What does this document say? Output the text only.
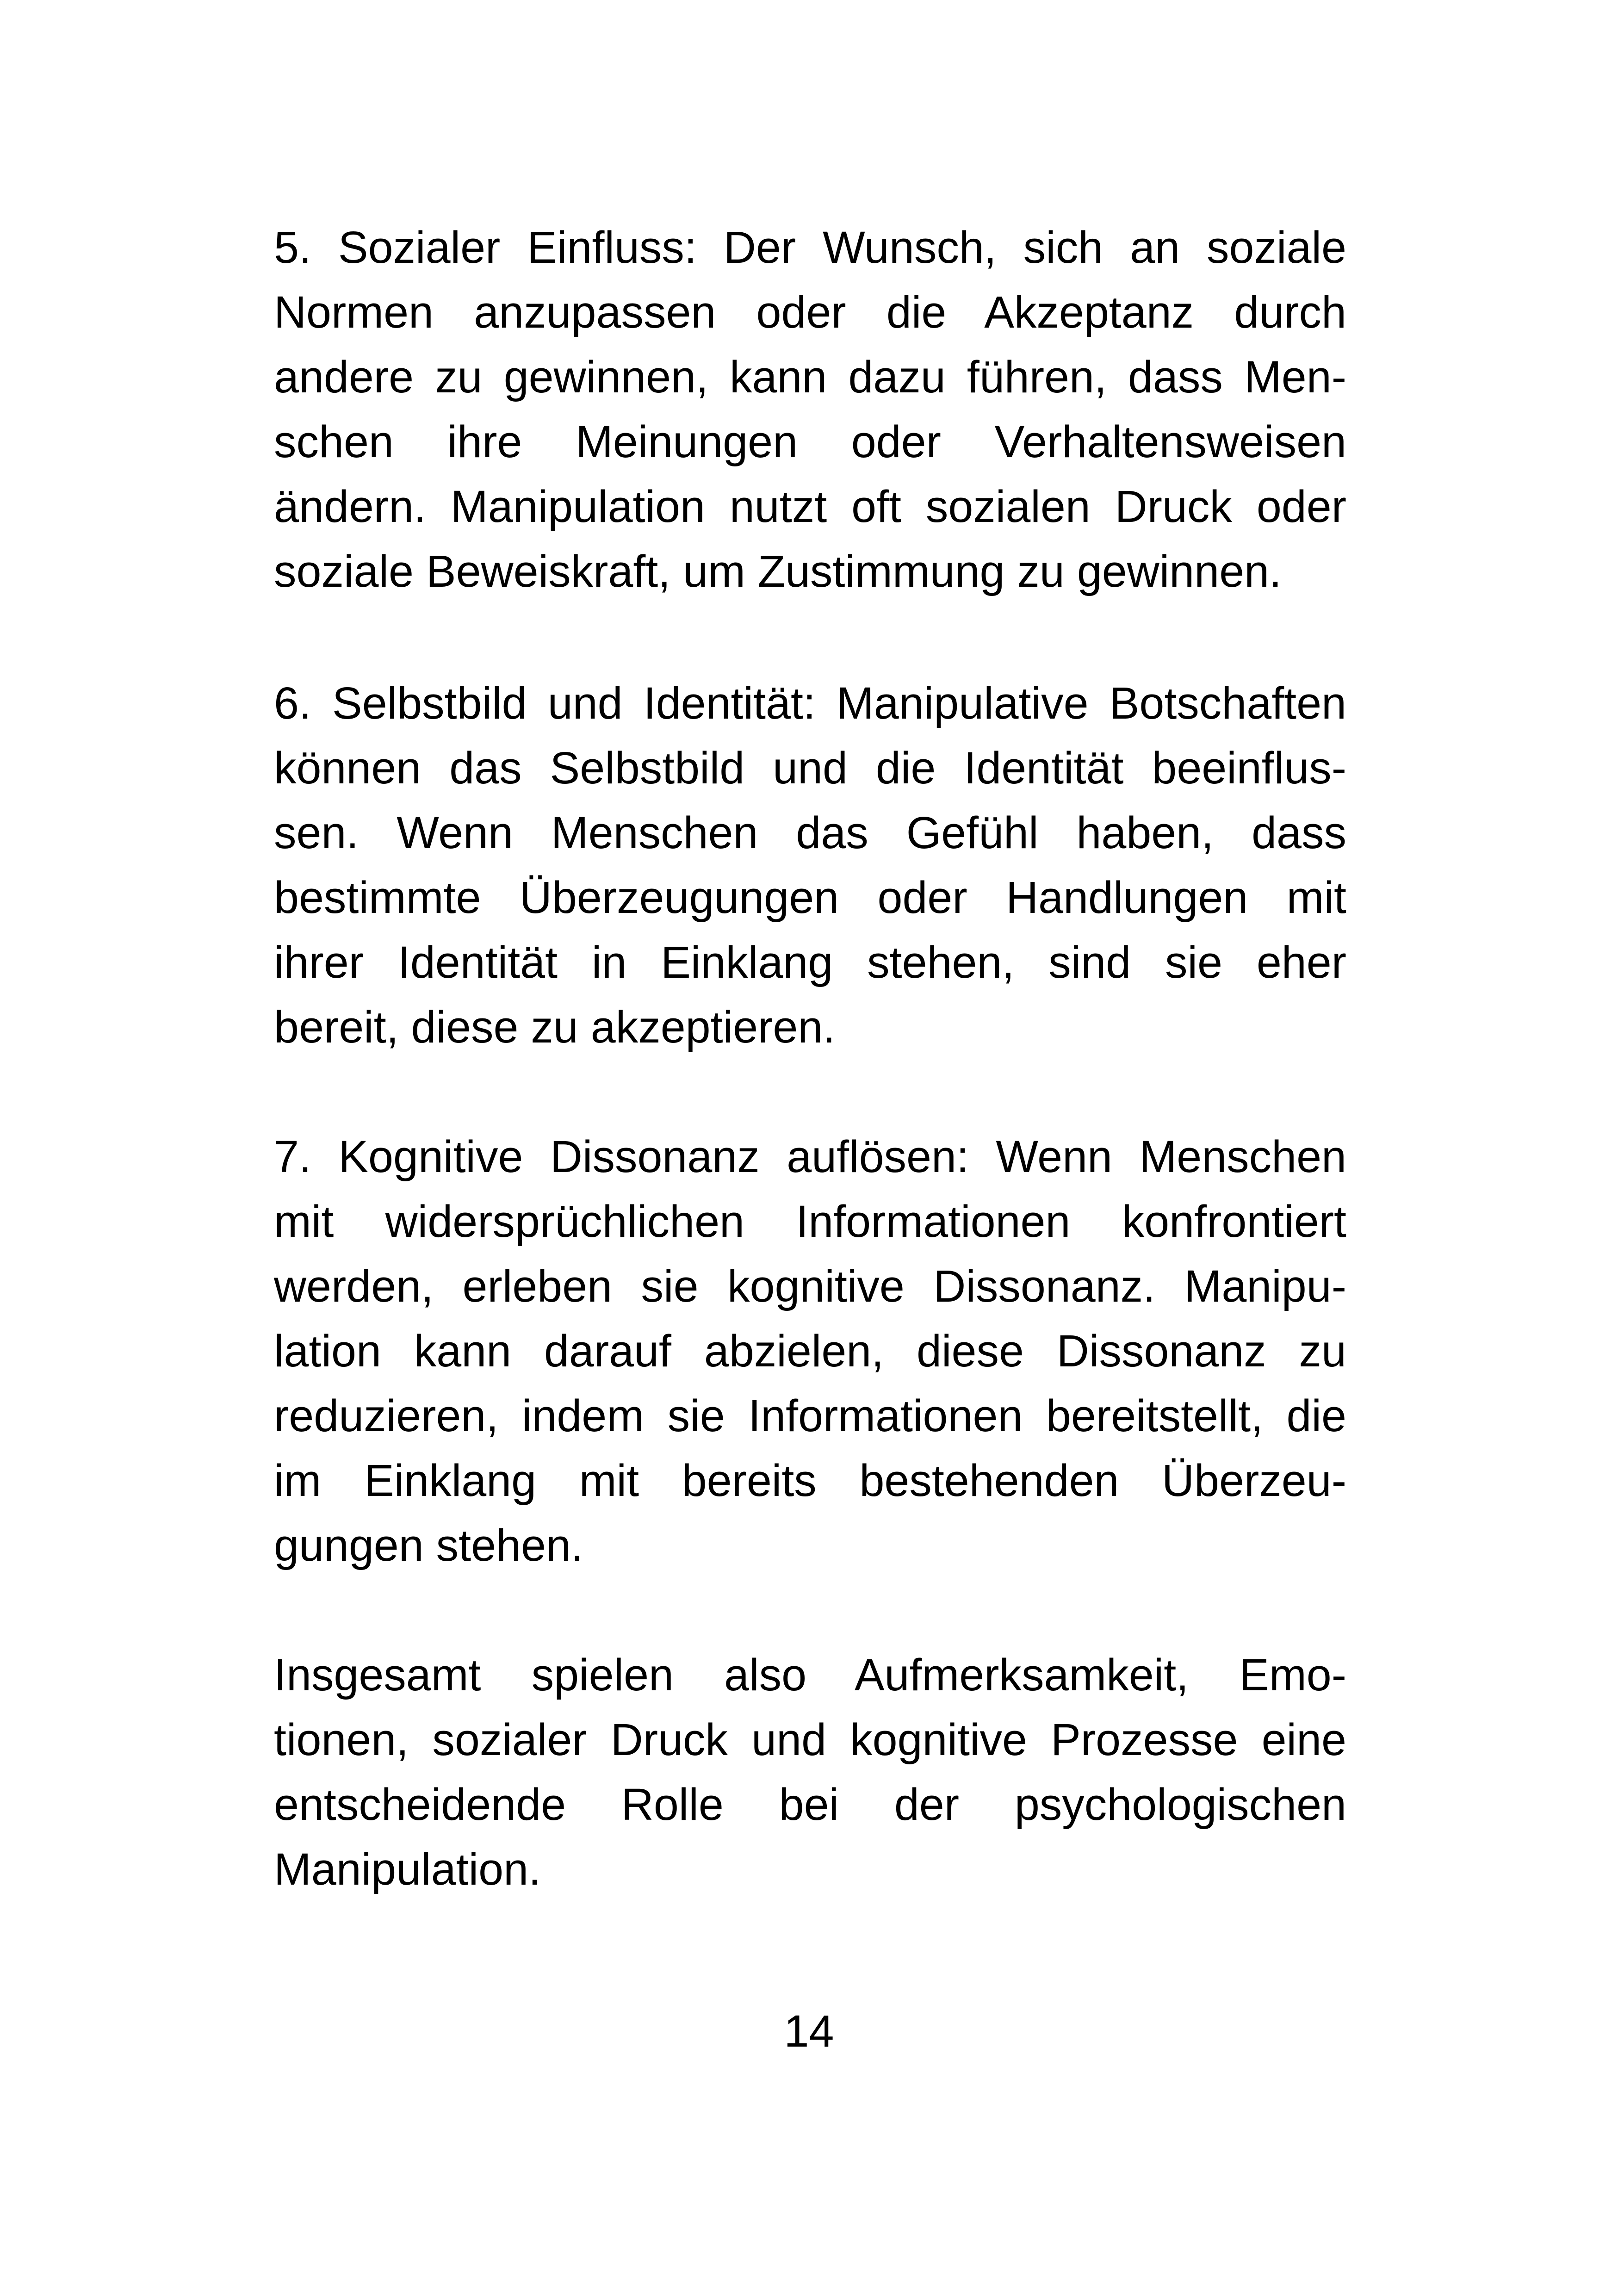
5. Sozialer Einfluss: Der Wunsch, sich an soziale
Normen anzupassen oder die Akzeptanz durch
andere zu gewinnen, kann dazu führen, dass Men-
schen ihre Meinungen oder Verhaltensweisen
ändern. Manipulation nutzt oft sozialen Druck oder
soziale Beweiskraft, um Zustimmung zu gewinnen.
6. Selbstbild und Identität: Manipulative Botschaften
können das Selbstbild und die Identität beeinflus-
sen. Wenn Menschen das Gefühl haben, dass
bestimmte Überzeugungen oder Handlungen mit
ihrer Identität in Einklang stehen, sind sie eher
bereit, diese zu akzeptieren.
7. Kognitive Dissonanz auflösen: Wenn Menschen
mit widersprüchlichen Informationen konfrontiert
werden, erleben sie kognitive Dissonanz. Manipu-
lation kann darauf abzielen, diese Dissonanz zu
reduzieren, indem sie Informationen bereitstellt, die
im Einklang mit bereits bestehenden Überzeu-
gungen stehen.
Insgesamt spielen also Aufmerksamkeit, Emo-
tionen, sozialer Druck und kognitive Prozesse eine
entscheidende Rolle bei der psychologischen
Manipulation.
14
